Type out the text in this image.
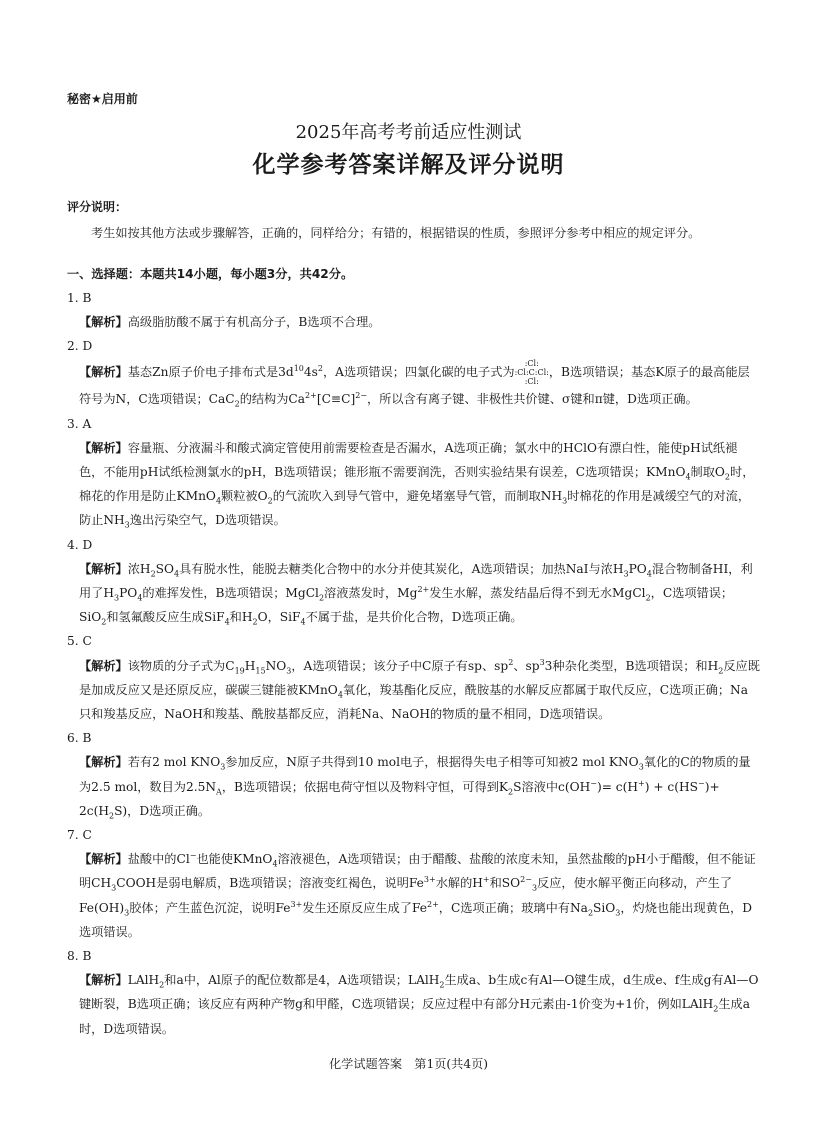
秘密★启用前
2025年高考考前适应性测试
化学参考答案详解及评分说明
评分说明：
考生如按其他方法或步骤解答，正确的，同样给分；有错的，根据错误的性质，参照评分参考中相应的规定评分。
一、选择题：本题共14小题，每小题3分，共42分。
1. B
【解析】高级脂肪酸不属于有机高分子，B选项不合理。
2. D
【解析】基态Zn原子价电子排布式是$3d^{10}4s^2$，A选项错误；四氯化碳的电子式为
:Cl:
:Cl:C:Cl:
:Cl:
，B选项错误；基态K原子的最高能层符号为N，C选项错误；CaC$_2$的结构为$Ca^{2+}[C\equiv C]^{2-}$，所以含有离子键、非极性共价键、σ键和π键，D选项正确。
3. A
【解析】容量瓶、分液漏斗和酸式滴定管使用前需要检查是否漏水，A选项正确；氯水中的HClO有漂白性，能使pH试纸褪色，不能用pH试纸检测氯水的pH，B选项错误；锥形瓶不需要润洗，否则实验结果有误差，C选项错误；KMnO$_4$制取$O_2$时，棉花的作用是防止KMnO$_4$颗粒被$O_2$的气流吹入到导气管中，避免堵塞导气管，而制取$NH_3$时棉花的作用是减缓空气的对流，防止$NH_3$逸出污染空气，D选项错误。
4. D
【解析】浓$H_2SO_4$具有脱水性，能脱去糖类化合物中的水分并使其炭化，A选项错误；加热NaI与浓$H_3PO_4$混合物制备HI，利用了$H_3PO_4$的难挥发性，B选项错误；MgCl$_2$溶液蒸发时，$Mg^{2+}$发生水解，蒸发结晶后得不到无水MgCl$_2$，C选项错误；SiO$_2$和氢氟酸反应生成SiF$_4$和$H_2O$，SiF$_4$不属于盐，是共价化合物，D选项正确。
5. C
【解析】该物质的分子式为$C_{19}H_{15}NO_3$，A选项错误；该分子中C原子有sp、$sp^2$、$sp^33$种杂化类型，B选项错误；和$H_2$反应既是加成反应又是还原反应，碳碳三键能被KMnO$_4$氧化，羧基酯化反应，酰胺基的水解反应都属于取代反应，C选项正确；Na只和羧基反应，NaOH和羧基、酰胺基都反应，消耗Na、NaOH的物质的量不相同，D选项错误。
6. B
【解析】若有2 mol $KNO_3$参加反应，N原子共得到10 mol电子，根据得失电子相等可知被2 mol $KNO_3$氧化的C的物质的量为2.5 mol，数目为$2.5N_A$，B选项错误；依据电荷守恒以及物料守恒，可得到$K_2S$溶液中$c(OH^-)= c(H^+) + c(HS^-)+ 2c(H_2S)$，D选项正确。
7. C
【解析】盐酸中的Cl−也能使KMnO$_4$溶液褪色，A选项错误；由于醋酸、盐酸的浓度未知，虽然盐酸的pH小于醋酸，但不能证明$CH_3COOH$是弱电解质，B选项错误；溶液变红褐色，说明$Fe^{3+}$水解的H+和$SO^{2-}_3$反应，使水解平衡正向移动，产生了$Fe(OH)_3$胶体；产生蓝色沉淀，说明$Fe^{3+}$发生还原反应生成了$Fe^{2+}$，C选项正确；玻璃中有$Na_2SiO_3$，灼烧也能出现黄色，D选项错误。
8. B
【解析】LAlH$_2$和a中，Al原子的配位数都是4，A选项错误；LAlH$_2$生成a、b生成c有Al—O键生成，d生成e、f生成g有Al—O键断裂，B选项正确；该反应有两种产物g和甲醛，C选项错误；反应过程中有部分H元素由-1价变为+1价，例如LAlH$_2$生成a时，D选项错误。
化学试题答案　第1页(共4页)
